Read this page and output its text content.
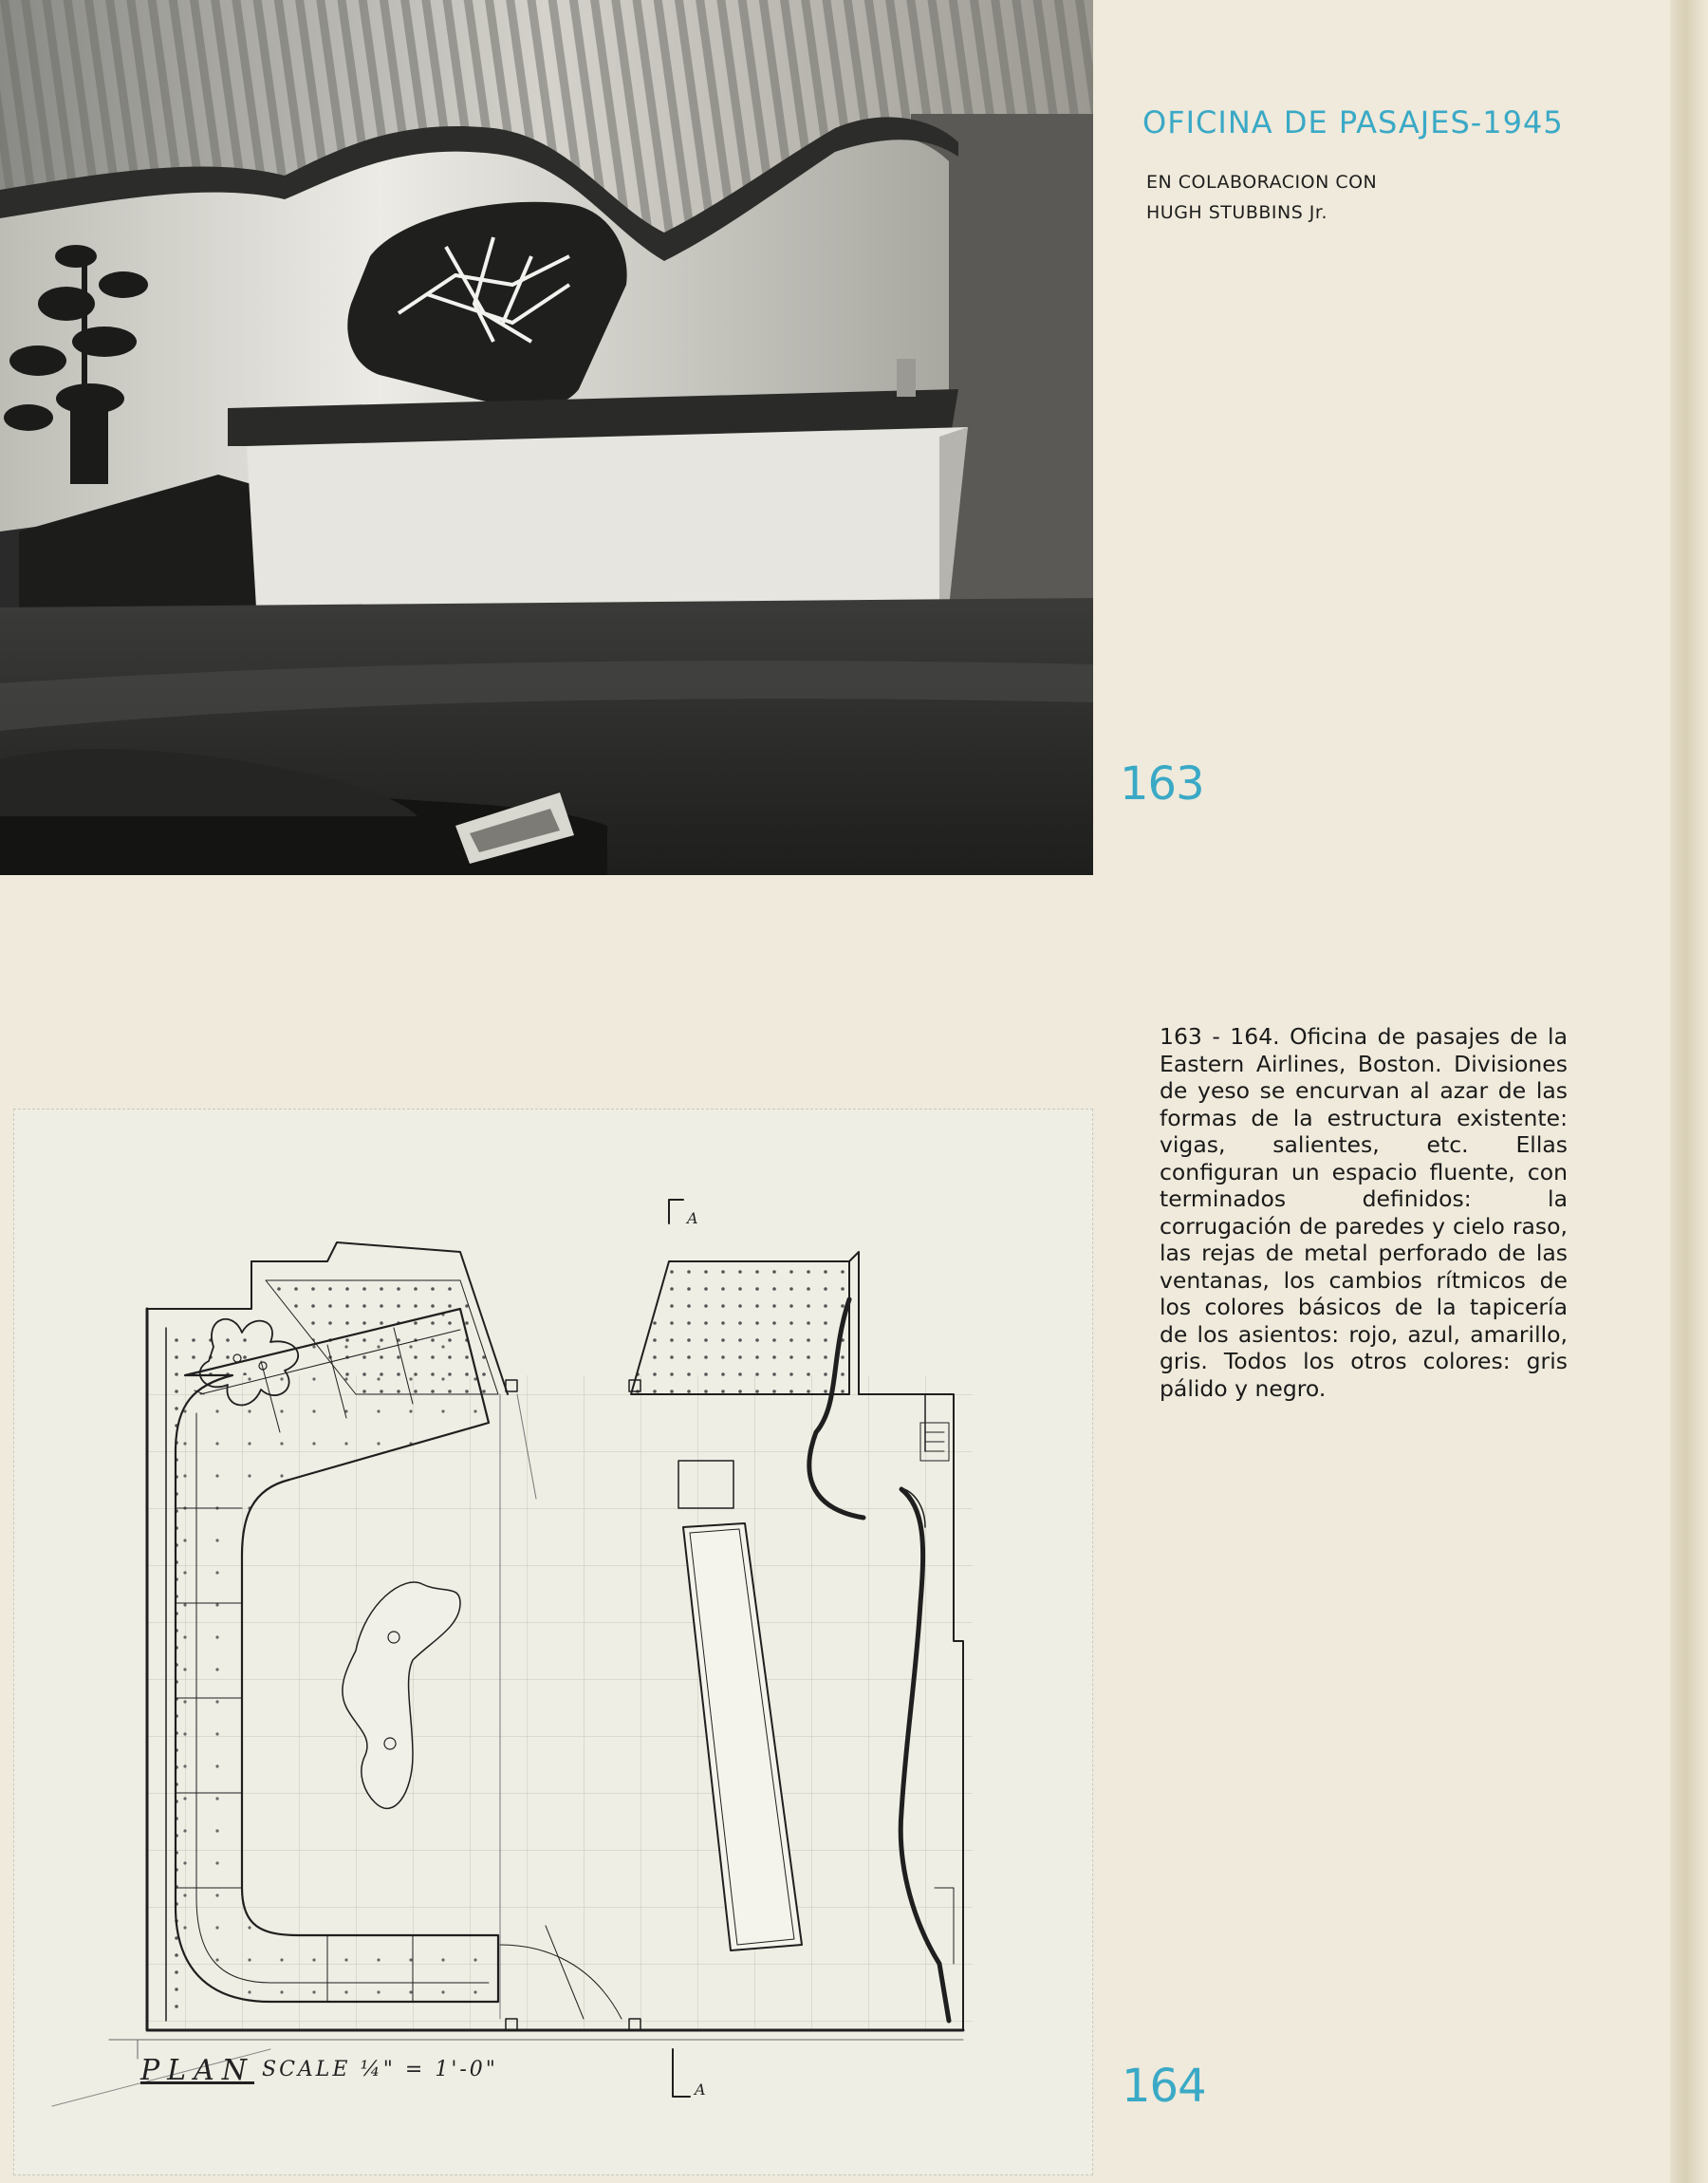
OFICINA DE PASAJES-1945
EN COLABORACION CON
HUGH STUBBINS Jr.
163
163 - 164. Oficina de pasajes de la Eastern Airlines, Boston. Divisiones de yeso se encurvan al azar de las formas de la estructura existente: vigas, salientes, etc. Ellas configuran un espacio fluente, con terminados definidos: la corrugación de paredes y cielo raso, las rejas de metal perforado de las ventanas, los cambios rítmicos de los colores básicos de la tapicería de los asientos: rojo, azul, amarillo, gris. Todos los otros colores: gris pálido y negro.
A
A
PLAN SCALE ¼" = 1'-0"	164
